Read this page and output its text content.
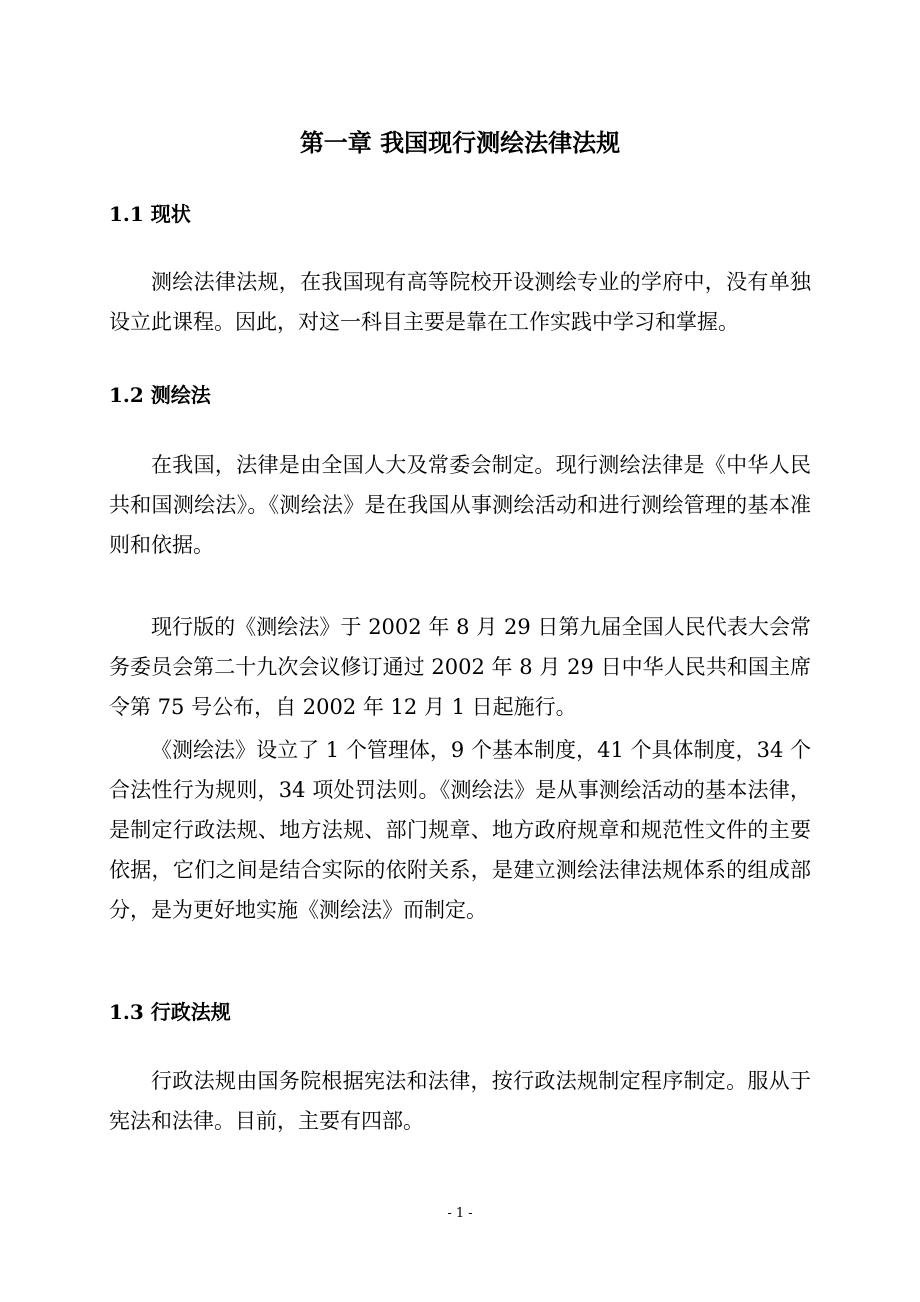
第一章 我国现行测绘法律法规
1.1 现状

测绘法律法规，在我国现有高等院校开设测绘专业的学府中，没有单独设立此课程。因此，对这一科目主要是靠在工作实践中学习和掌握。

1.2 测绘法

在我国，法律是由全国人大及常委会制定。现行测绘法律是《中华人民共和国测绘法》。《测绘法》是在我国从事测绘活动和进行测绘管理的基本准则和依据。

现行版的《测绘法》于 2002 年 8 月 29 日第九届全国人民代表大会常务委员会第二十九次会议修订通过 2002 年 8 月 29 日中华人民共和国主席令第 75 号公布，自 2002 年 12 月 1 日起施行。

《测绘法》设立了 1 个管理体，9 个基本制度，41 个具体制度，34 个合法性行为规则，34 项处罚法则。《测绘法》是从事测绘活动的基本法律，是制定行政法规、地方法规、部门规章、地方政府规章和规范性文件的主要依据，它们之间是结合实际的依附关系，是建立测绘法律法规体系的组成部分，是为更好地实施《测绘法》而制定。

1.3 行政法规

行政法规由国务院根据宪法和法律，按行政法规制定程序制定。服从于宪法和法律。目前，主要有四部。

- 1 -
